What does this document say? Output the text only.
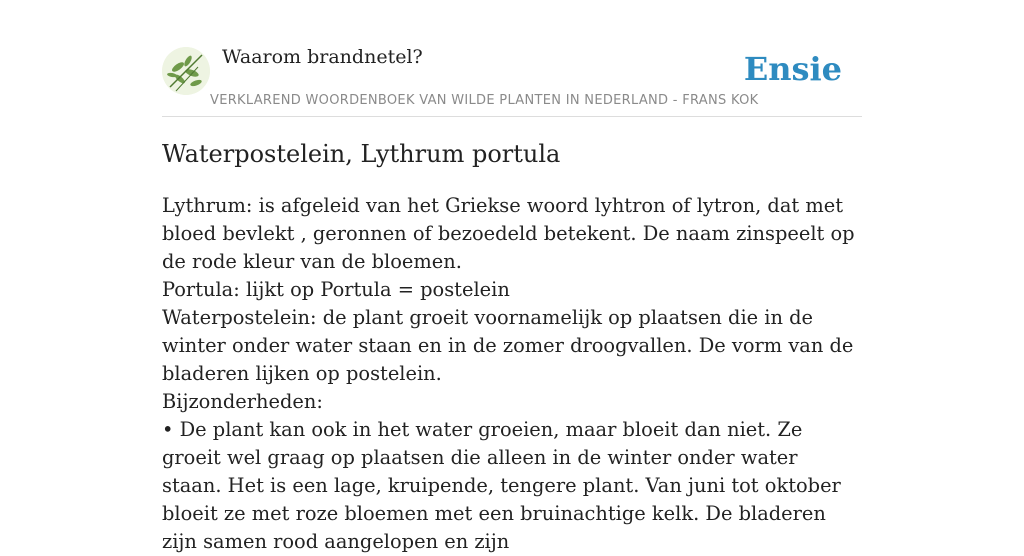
Waarom brandnetel?
VERKLAREND WOORDENBOEK VAN WILDE PLANTEN IN NEDERLAND - FRANS KOK
Ensie
Waterpostelein, Lythrum portula

Lythrum: is afgeleid van het Griekse woord lyhtron of lytron, dat met bloed bevlekt , geronnen of bezoedeld betekent. De naam zinspeelt op de rode kleur van de bloemen.

Portula: lijkt op Portula = postelein

Waterpostelein: de plant groeit voornamelijk op plaatsen die in de winter onder water staan en in de zomer droogvallen. De vorm van de bladeren lijken op postelein.

Bijzonderheden:

• De plant kan ook in het water groeien, maar bloeit dan niet. Ze groeit wel graag op plaatsen die alleen in de winter onder water staan. Het is een lage, kruipende, tengere plant. Van juni tot oktober bloeit ze met roze bloemen met een bruinachtige kelk. De bladeren zijn samen rood aangelopen en zijn
